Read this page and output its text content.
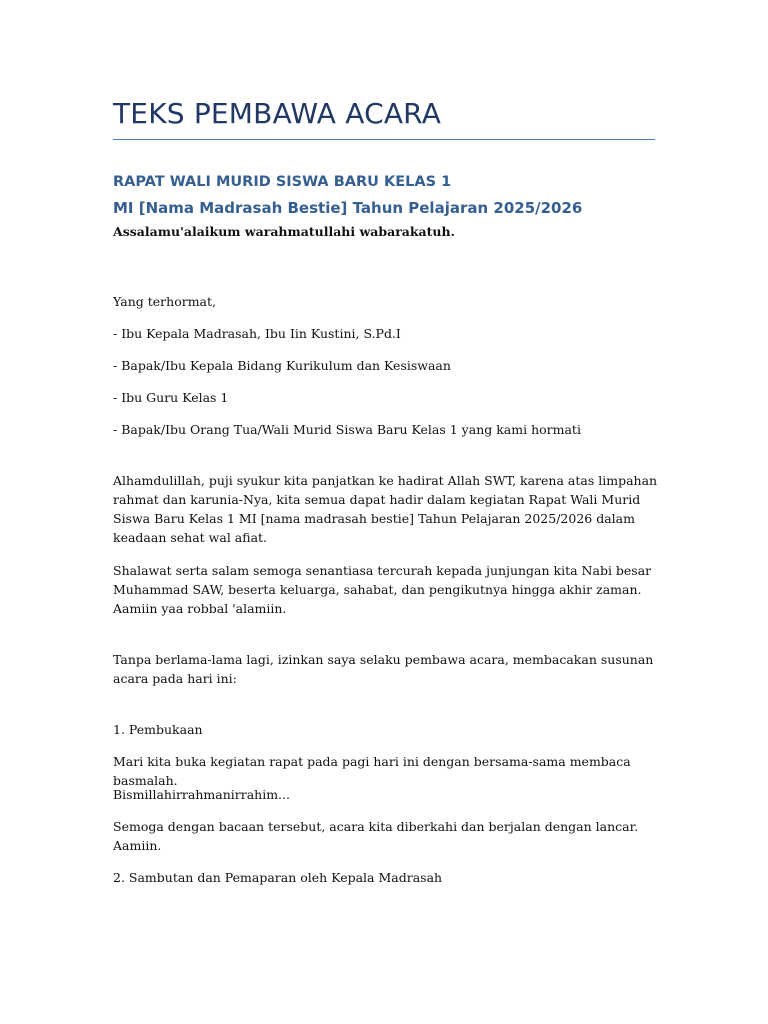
TEKS PEMBAWA ACARA
RAPAT WALI MURID SISWA BARU KELAS 1
MI [Nama Madrasah Bestie] Tahun Pelajaran 2025/2026

Assalamu'alaikum warahmatullahi wabarakatuh.

Yang terhormat,

- Ibu Kepala Madrasah, Ibu Iin Kustini, S.Pd.I

- Bapak/Ibu Kepala Bidang Kurikulum dan Kesiswaan

- Ibu Guru Kelas 1

- Bapak/Ibu Orang Tua/Wali Murid Siswa Baru Kelas 1 yang kami hormati

Alhamdulillah, puji syukur kita panjatkan ke hadirat Allah SWT, karena atas limpahan rahmat dan karunia-Nya, kita semua dapat hadir dalam kegiatan Rapat Wali Murid Siswa Baru Kelas 1 MI [nama madrasah bestie] Tahun Pelajaran 2025/2026 dalam keadaan sehat wal afiat.

Shalawat serta salam semoga senantiasa tercurah kepada junjungan kita Nabi besar Muhammad SAW, beserta keluarga, sahabat, dan pengikutnya hingga akhir zaman. Aamiin yaa robbal 'alamiin.

Tanpa berlama-lama lagi, izinkan saya selaku pembawa acara, membacakan susunan acara pada hari ini:

1. Pembukaan

Mari kita buka kegiatan rapat pada pagi hari ini dengan bersama-sama membaca basmalah.

Bismillahirrahmanirrahim...

Semoga dengan bacaan tersebut, acara kita diberkahi dan berjalan dengan lancar. Aamiin.

2. Sambutan dan Pemaparan oleh Kepala Madrasah
